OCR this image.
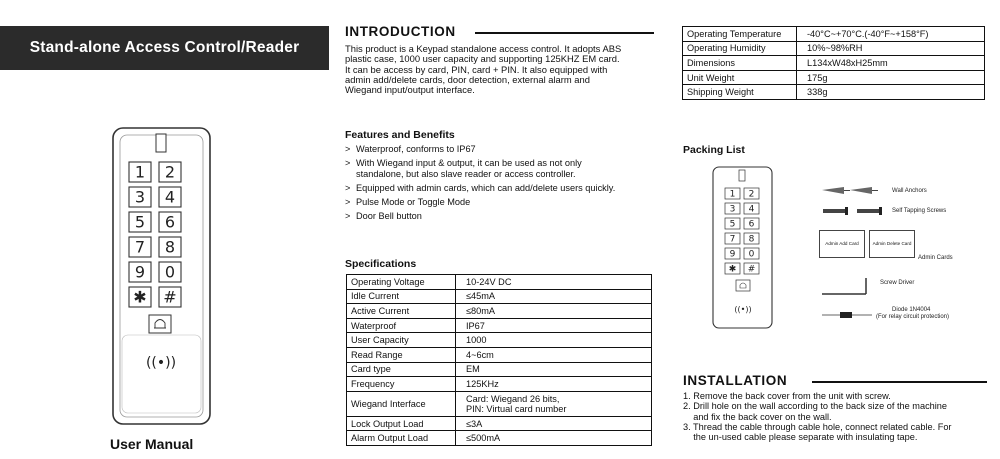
Stand-alone Access Control/Reader
1 2
3 4
5 6
7 8
9 0
✱ #
((•))
User Manual
INTRODUCTION
This product is a Keypad standalone access control. It adopts ABS
plastic case, 1000 user capacity and supporting 125KHZ EM card.
It can be access by card, PIN, card + PIN. It also equipped with
admin add/delete cards, door detection, external alarm and
Wiegand input/output interface.
Features and Benefits
> Waterproof, conforms to IP67
> With Wiegand input & output, it can be used as not only
standalone, but also slave reader or access controller.
> Equipped with admin cards, which can add/delete users quickly.
> Pulse Mode or Toggle Mode
> Door Bell button
Specifications
Operating Voltage	10-24V DC
Idle Current	≤45mA
Active Current	≤80mA
Waterproof	IP67
User Capacity	1000
Read Range	4~6cm
Card type	EM
Frequency	125KHz
Wiegand Interface	Card: Wiegand 26 bits,
PIN: Virtual card number

Lock Output Load	≤3A
Alarm Output Load	≤500mA
Operating Temperature	-40°C~+70°C.(-40°F~+158°F)
Operating Humidity	10%~98%RH
Dimensions	L134xW48xH25mm
Unit Weight	175g
Shipping Weight	338g
Packing List
1 2
3 4
5 6
7 8
9 0
✱ #
((•))
Wall Anchors
Self Tapping Screws
Admin Add Card	Admin Delete Card
Admin Cards
Screw Driver
Diode 1N4004
(For relay circuit protection)
INSTALLATION
1. Remove the back cover from the unit with screw.
2. Drill hole on the wall according to the back size of the machine
and fix the back cover on the wall.
3. Thread the cable through cable hole, connect related cable. For
the un-used cable please separate with insulating tape.
